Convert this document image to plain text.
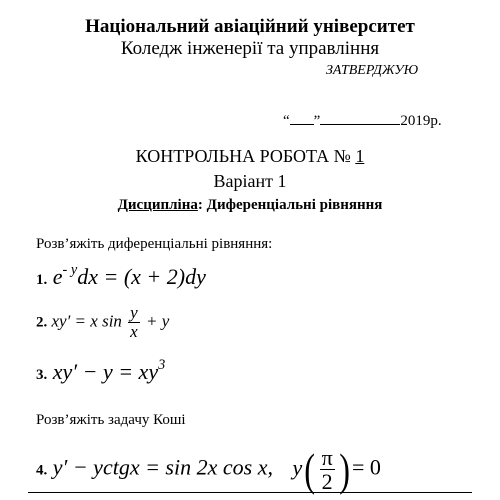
Національний авіаційний університет
Коледж інженерії та управління
ЗАТВЕРДЖУЮ
“ ”	2019р.
КОНТРОЛЬНА РОБОТА № 1
Варіант 1
Дисципліна: Диференціальні рівняння
Розв’яжіть диференціальні рівняння:
1. $e^{- y}dx = (x + 2)dy$
2. xy′ = x $\sin \frac{y}{x} + y$
3. $xy' - y = xy^3$
Розв’яжіть задачу Коші
4. y′ − yctgx = sin 2x cos x, $y( \frac{\pi}{2}$ ) = 0
